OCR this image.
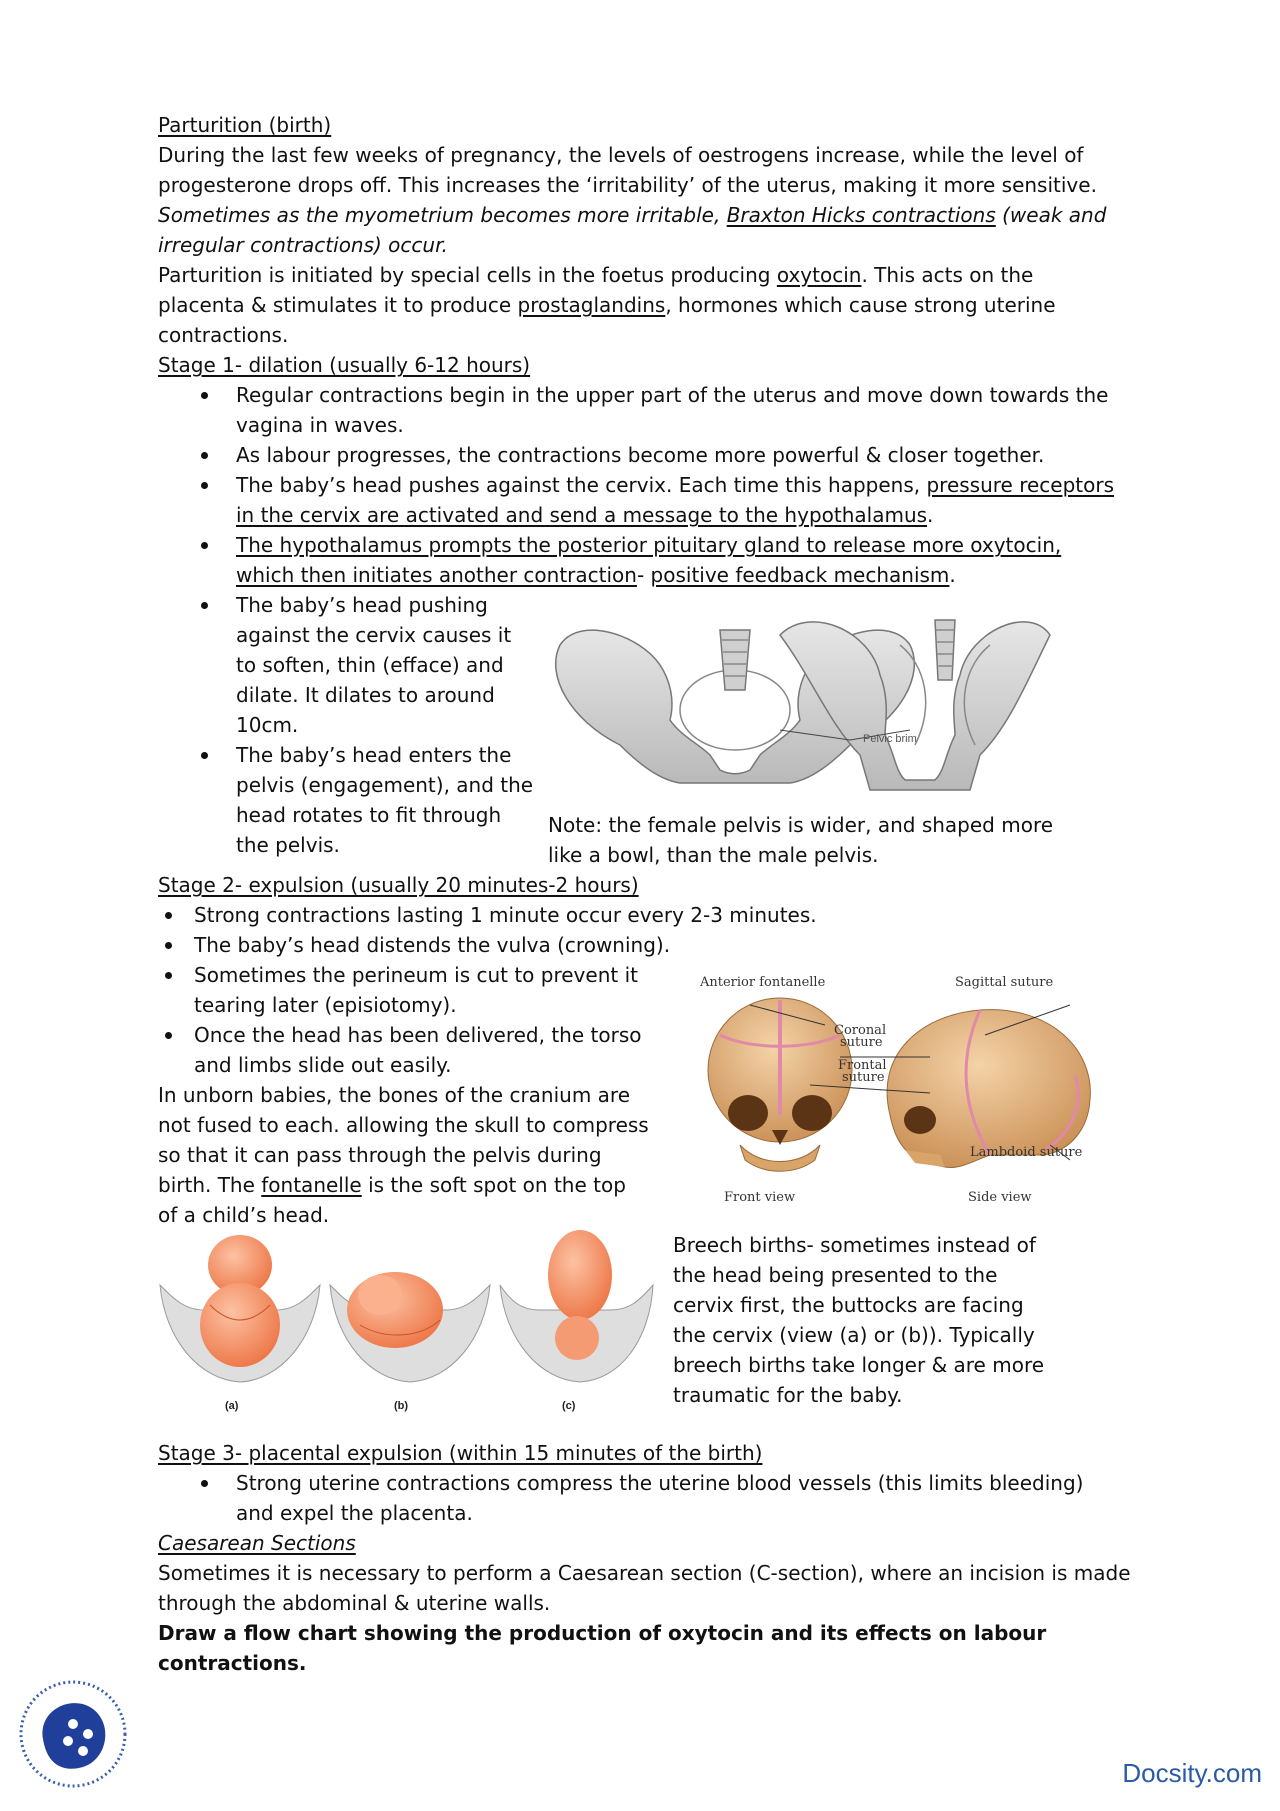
Parturition (birth)
During the last few weeks of pregnancy, the levels of oestrogens increase, while the level of
progesterone drops off. This increases the ‘irritability’ of the uterus, making it more sensitive.
Sometimes as the myometrium becomes more irritable, Braxton Hicks contractions (weak and
irregular contractions) occur.
Parturition is initiated by special cells in the foetus producing oxytocin. This acts on the
placenta & stimulates it to produce prostaglandins, hormones which cause strong uterine
contractions.
Stage 1- dilation (usually 6-12 hours)
Regular contractions begin in the upper part of the uterus and move down towards the
vagina in waves.
As labour progresses, the contractions become more powerful & closer together.
The baby’s head pushes against the cervix. Each time this happens, pressure receptors
in the cervix are activated and send a message to the hypothalamus.
The hypothalamus prompts the posterior pituitary gland to release more oxytocin,
which then initiates another contraction- positive feedback mechanism.
The baby’s head pushing
against the cervix causes it
to soften, thin (efface) and
dilate. It dilates to around
10cm.
The baby’s head enters the
pelvis (engagement), and the
head rotates to fit through
the pelvis.
Pelvic brim
Note: the female pelvis is wider, and shaped more
like a bowl, than the male pelvis.
Stage 2- expulsion (usually 20 minutes-2 hours)
Strong contractions lasting 1 minute occur every 2-3 minutes.
The baby’s head distends the vulva (crowning).
Sometimes the perineum is cut to prevent it
tearing later (episiotomy).
Once the head has been delivered, the torso
and limbs slide out easily.
In unborn babies, the bones of the cranium are
not fused to each. allowing the skull to compress
so that it can pass through the pelvis during
birth. The fontanelle is the soft spot on the top
of a child’s head.
Anterior fontanelle	Sagittal suture
Coronal
suture
Frontal
suture
Lambdoid suture
Front view	Side view
(a)	(b)	(c)
Breech births- sometimes instead of
the head being presented to the
cervix first, the buttocks are facing
the cervix (view (a) or (b)). Typically
breech births take longer & are more
traumatic for the baby.
Stage 3- placental expulsion (within 15 minutes of the birth)
Strong uterine contractions compress the uterine blood vessels (this limits bleeding)
and expel the placenta.
Caesarean Sections
Sometimes it is necessary to perform a Caesarean section (C-section), where an incision is made
through the abdominal & uterine walls.
Draw a flow chart showing the production of oxytocin and its effects on labour
contractions.
Docsity.com
